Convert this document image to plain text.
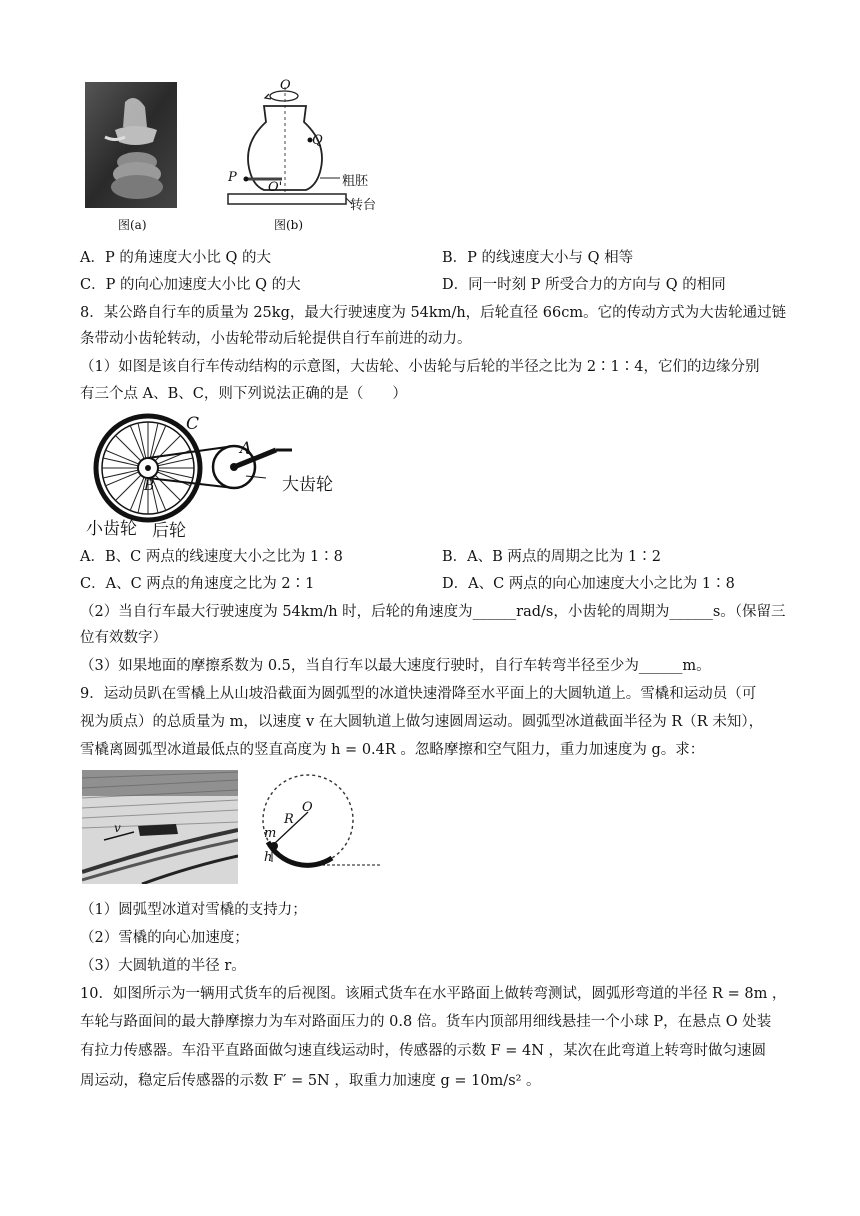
图(a)
O
Q
P
O'	粗胚
转台
图(b)
A．P 的角速度大小比 Q 的大	B．P 的线速度大小与 Q 相等
C．P 的向心加速度大小比 Q 的大	D．同一时刻 P 所受合力的方向与 Q 的相同
8．某公路自行车的质量为 25kg，最大行驶速度为 54km/h，后轮直径 66cm。它的传动方式为大齿轮通过链
条带动小齿轮转动，小齿轮带动后轮提供自行车前进的动力。
（1）如图是该自行车传动结构的示意图，大齿轮、小齿轮与后轮的半径之比为 2∶1∶4，它们的边缘分别
有三个点 A、B、C，则下列说法正确的是（　　）
C
A
B	大齿轮
小齿轮 后轮
A．B、C 两点的线速度大小之比为 1∶8	B．A、B 两点的周期之比为 1∶2
C．A、C 两点的角速度之比为 2∶1	D．A、C 两点的向心加速度大小之比为 1∶8
（2）当自行车最大行驶速度为 54km/h 时，后轮的角速度为______rad/s，小齿轮的周期为______s。（保留三
位有效数字）
（3）如果地面的摩擦系数为 0.5，当自行车以最大速度行驶时，自行车转弯半径至少为______m。
9．运动员趴在雪橇上从山坡沿截面为圆弧型的冰道快速滑降至水平面上的大圆轨道上。雪橇和运动员（可
视为质点）的总质量为 m，以速度 v 在大圆轨道上做匀速圆周运动。圆弧型冰道截面半径为 R（R 未知），
雪橇离圆弧型冰道最低点的竖直高度为 h = 0.4R 。忽略摩擦和空气阻力，重力加速度为 g。求：
v
O
R
m
h
（1）圆弧型冰道对雪橇的支持力；
（2）雪橇的向心加速度；
（3）大圆轨道的半径 r。
10．如图所示为一辆用式货车的后视图。该厢式货车在水平路面上做转弯测试，圆弧形弯道的半径 R = 8m ，
车轮与路面间的最大静摩擦力为车对路面压力的 0.8 倍。货车内顶部用细线悬挂一个小球 P，在悬点 O 处装
有拉力传感器。车沿平直路面做匀速直线运动时，传感器的示数 F = 4N ，某次在此弯道上转弯时做匀速圆
周运动，稳定后传感器的示数 F′ = 5N ，取重力加速度 g = 10m/s² 。
